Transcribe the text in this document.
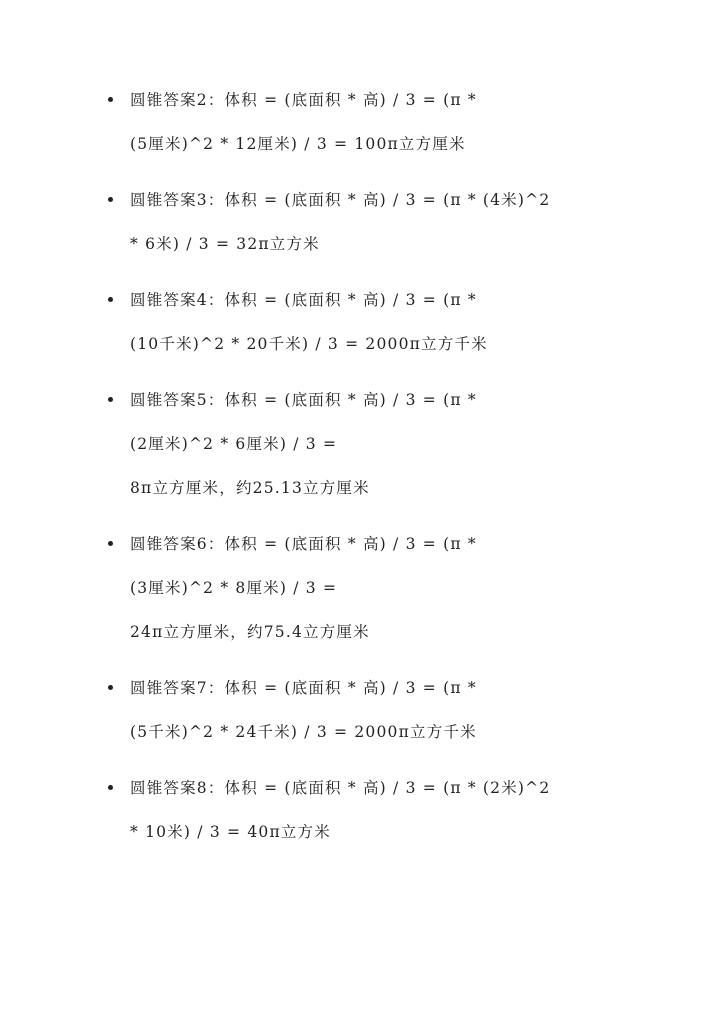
圆锥答案2：体积 = (底面积 * 高) / 3 = (π *
(5厘米)^2 * 12厘米) / 3 = 100π立方厘米
圆锥答案3：体积 = (底面积 * 高) / 3 = (π * (4米)^2
* 6米) / 3 = 32π立方米
圆锥答案4：体积 = (底面积 * 高) / 3 = (π *
(10千米)^2 * 20千米) / 3 = 2000π立方千米
圆锥答案5：体积 = (底面积 * 高) / 3 = (π *
(2厘米)^2 * 6厘米) / 3 =
8π立方厘米，约25.13立方厘米
圆锥答案6：体积 = (底面积 * 高) / 3 = (π *
(3厘米)^2 * 8厘米) / 3 =
24π立方厘米，约75.4立方厘米
圆锥答案7：体积 = (底面积 * 高) / 3 = (π *
(5千米)^2 * 24千米) / 3 = 2000π立方千米
圆锥答案8：体积 = (底面积 * 高) / 3 = (π * (2米)^2
* 10米) / 3 = 40π立方米
